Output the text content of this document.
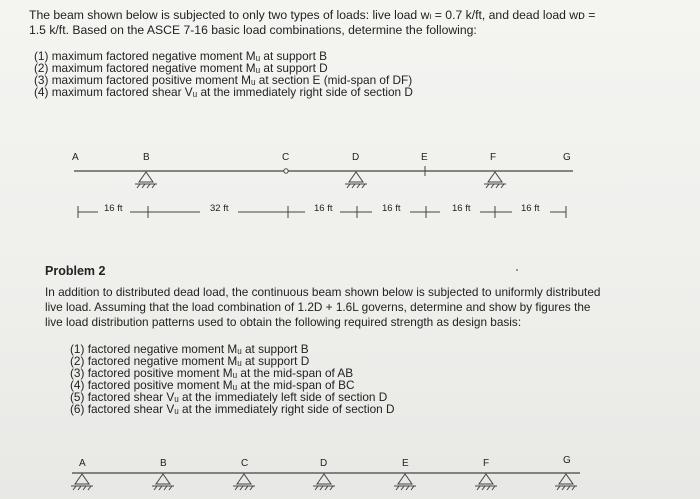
The beam shown below is subjected to only two types of loads: live load wₗ = 0.7 k/ft, and dead load wᴅ =
1.5 k/ft. Based on the ASCE 7-16 basic load combinations, determine the following:
(1) maximum factored negative moment Mᵤ at support B
(2) maximum factored negative moment Mᵤ at support D
(3) maximum factored positive moment Mᵤ at section E (mid-span of DF)
(4) maximum factored shear Vᵤ at the immediately right side of section D
A	B	C	D	E	F	G
16 ft	32 ft	16 ft	16 ft	16 ft	16 ft
Problem 2
In addition to distributed dead load, the continuous beam shown below is subjected to uniformly distributed
live load. Assuming that the load combination of 1.2D + 1.6L governs, determine and show by figures the
live load distribution patterns used to obtain the following required strength as design basis:
(1) factored negative moment Mᵤ at support B
(2) factored negative moment Mᵤ at support D
(3) factored positive moment Mᵤ at the mid-span of AB
(4) factored positive moment Mᵤ at the mid-span of BC
(5) factored shear Vᵤ at the immediately left side of section D
(6) factored shear Vᵤ at the immediately right side of section D
A	B	C	D	E	F	G
